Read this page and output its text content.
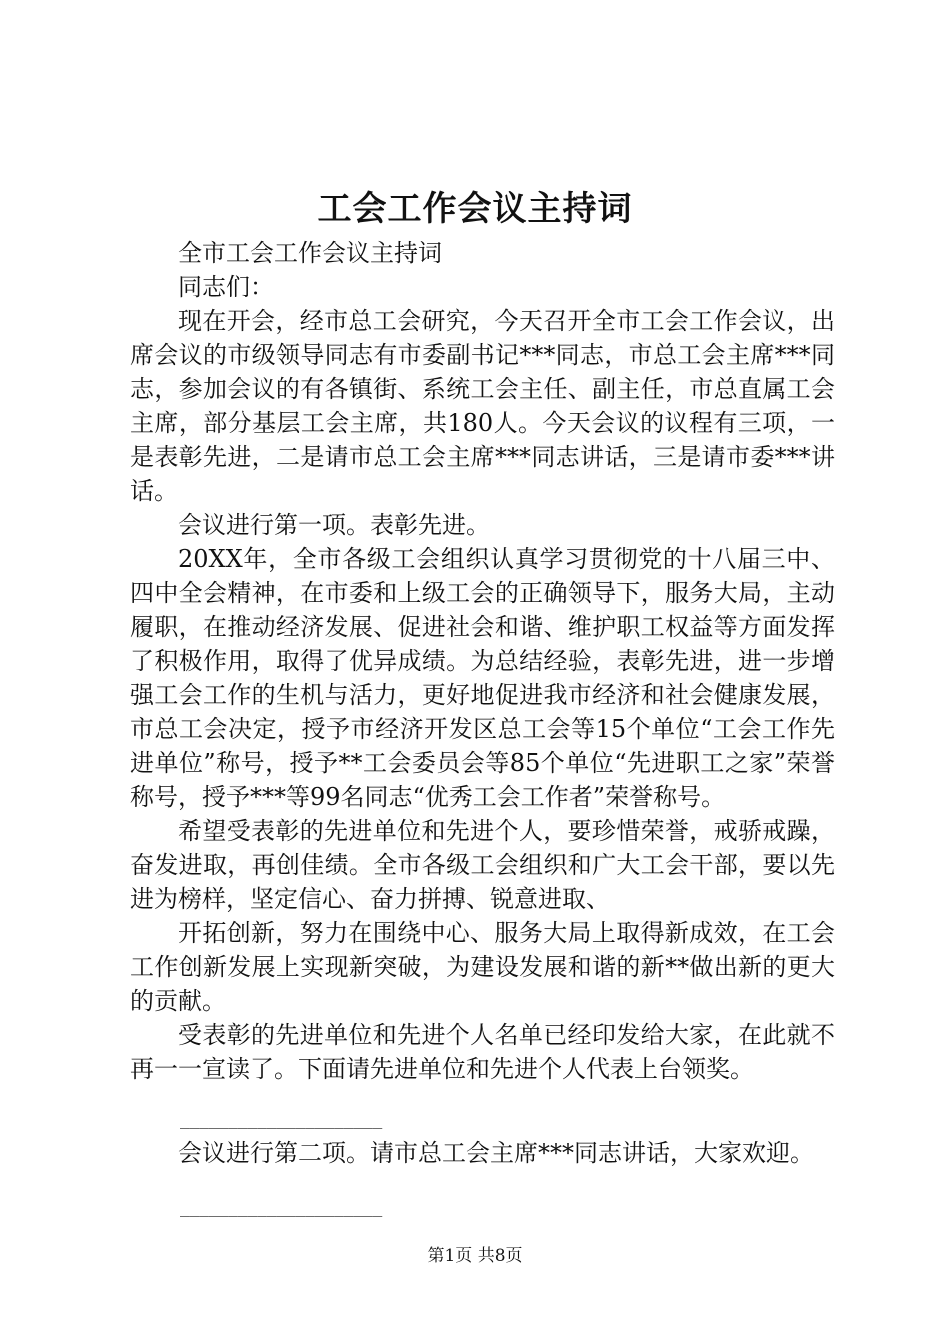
工会工作会议主持词

全市工会工作会议主持词

同志们：

现在开会，经市总工会研究，今天召开全市工会工作会议，出席会议的市级领导同志有市委副书记***同志，市总工会主席***同志，参加会议的有各镇街、系统工会主任、副主任，市总直属工会主席，部分基层工会主席，共180人。今天会议的议程有三项，一是表彰先进，二是请市总工会主席***同志讲话，三是请市委***讲话。

会议进行第一项。表彰先进。

20XX年，全市各级工会组织认真学习贯彻党的十八届三中、四中全会精神，在市委和上级工会的正确领导下，服务大局，主动履职，在推动经济发展、促进社会和谐、维护职工权益等方面发挥了积极作用，取得了优异成绩。为总结经验，表彰先进，进一步增强工会工作的生机与活力，更好地促进我市经济和社会健康发展，市总工会决定，授予市经济开发区总工会等15个单位“工会工作先进单位”称号，授予**工会委员会等85个单位“先进职工之家”荣誉称号，授予***等99名同志“优秀工会工作者”荣誉称号。

希望受表彰的先进单位和先进个人，要珍惜荣誉，戒骄戒躁，奋发进取，再创佳绩。全市各级工会组织和广大工会干部，要以先进为榜样，坚定信心、奋力拼搏、锐意进取、

开拓创新，努力在围绕中心、服务大局上取得新成效，在工会工作创新发展上实现新突破，为建设发展和谐的新**做出新的更大的贡献。

受表彰的先进单位和先进个人名单已经印发给大家，在此就不再一一宣读了。下面请先进单位和先进个人代表上台领奖。

_____________________

会议进行第二项。请市总工会主席***同志讲话，大家欢迎。

_____________________

第1页 共8页
